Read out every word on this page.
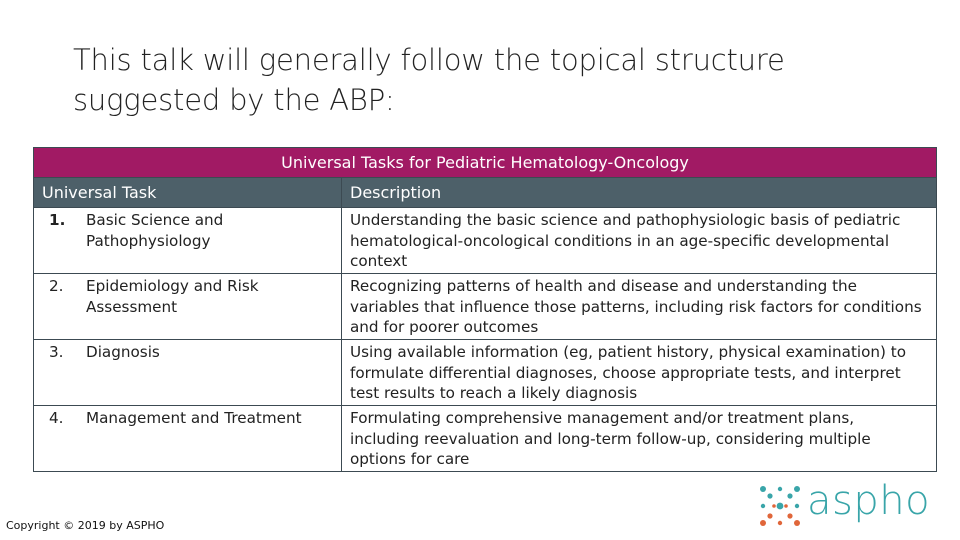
This talk will generally follow the topical structure
suggested by the ABP:
Universal Tasks for Pediatric Hematology-Oncology	
Universal Task	Description

1. Basic Science and Pathophysiology	Understanding the basic science and pathophysiologic basis of pediatric hematological-oncological conditions in an age-specific developmental context

2. Epidemiology and Risk Assessment	Recognizing patterns of health and disease and understanding the variables that influence those patterns, including risk factors for conditions and for poorer outcomes

3. Diagnosis	Using available information (eg, patient history, physical examination) to formulate differential diagnoses, choose appropriate tests, and interpret test results to reach a likely diagnosis

4. Management and Treatment	Formulating comprehensive management and/or treatment plans, including reevaluation and long-term follow-up, considering multiple options for care
Copyright © 2019 by ASPHO
aspho
